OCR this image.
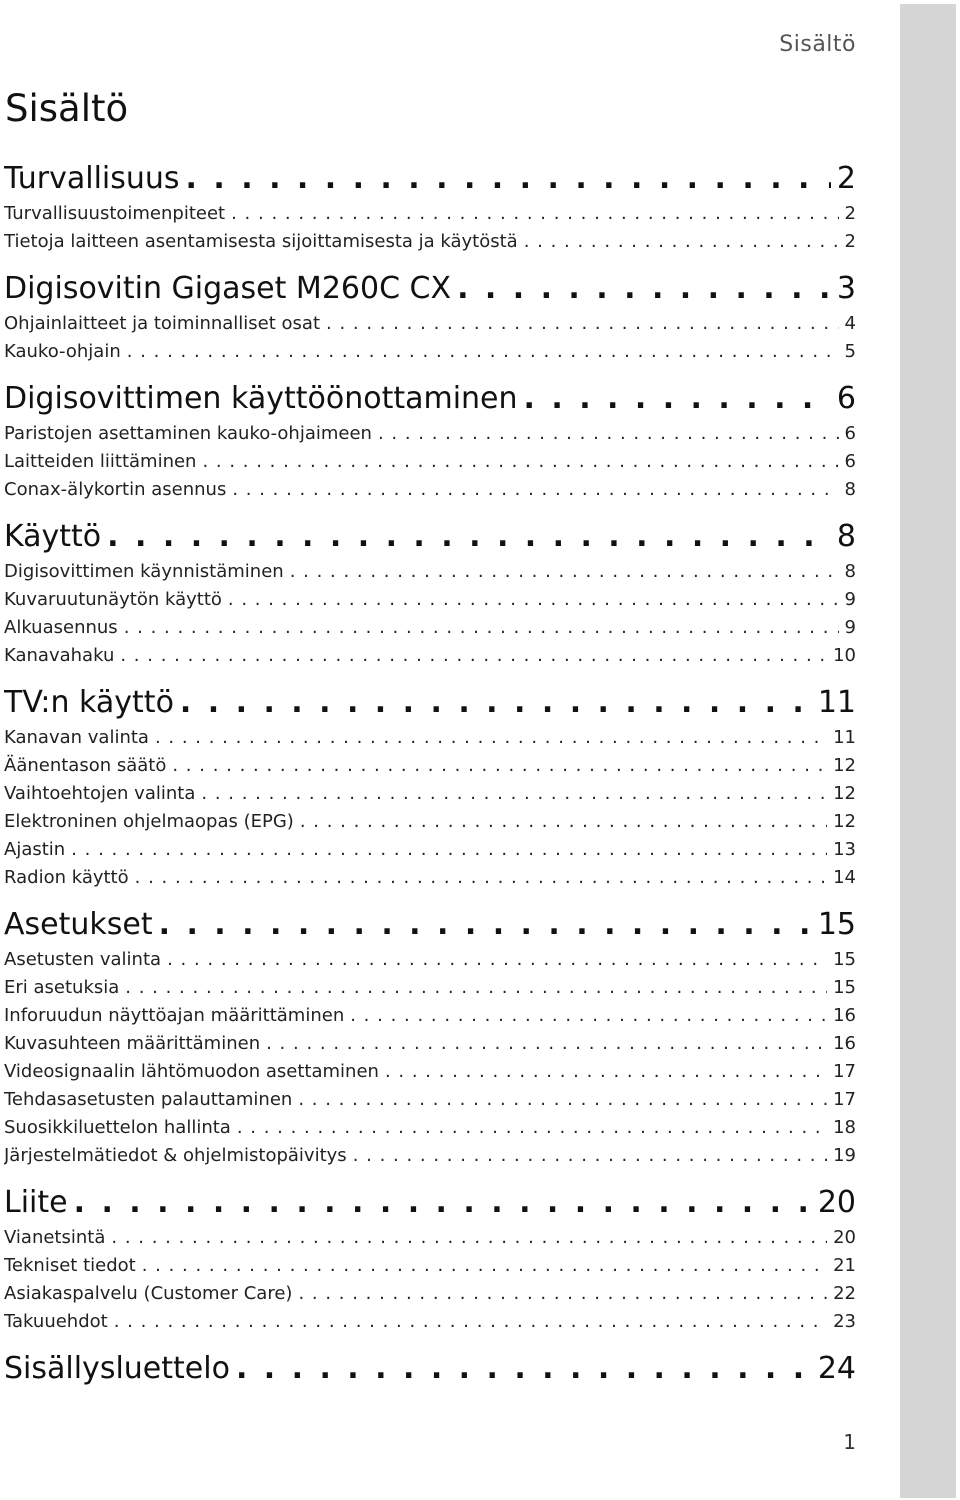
Sisältö
Sisältö
Turvallisuus . . .	2
Turvallisuustoimenpiteet . . .	2
Tietoja laitteen asentamisesta sijoittamisesta ja käytöstä . . .	2
Digisovitin Gigaset M260C CX . . .	3
Ohjainlaitteet ja toiminnalliset osat . . .	4
Kauko-ohjain . . .	5
Digisovittimen käyttöönottaminen . . .	6
Paristojen asettaminen kauko-ohjaimeen . . .	6
Laitteiden liittäminen . . .	6
Conax-älykortin asennus . . .	8
Käyttö . . .	8
Digisovittimen käynnistäminen . . .	8
Kuvaruutunäytön käyttö . . .	9
Alkuasennus . . .	9
Kanavahaku . . .	10
TV:n käyttö . . .	11
Kanavan valinta . . .	11
Äänentason säätö . . .	12
Vaihtoehtojen valinta . . .	12
Elektroninen ohjelmaopas (EPG) . . .	12
Ajastin . . .	13
Radion käyttö . . .	14
Asetukset . . .	15
Asetusten valinta . . .	15
Eri asetuksia . . .	15
Inforuudun näyttöajan määrittäminen . . .	16
Kuvasuhteen määrittäminen . . .	16
Videosignaalin lähtömuodon asettaminen . . .	17
Tehdasasetusten palauttaminen . . .	17
Suosikkiluettelon hallinta . . .	18
Järjestelmätiedot & ohjelmistopäivitys . . .	19
Liite . . .	20
Vianetsintä . . .	20
Tekniset tiedot . . .	21
Asiakaspalvelu (Customer Care) . . .	22
Takuuehdot . . .	23
Sisällysluettelo . . .	24
1
